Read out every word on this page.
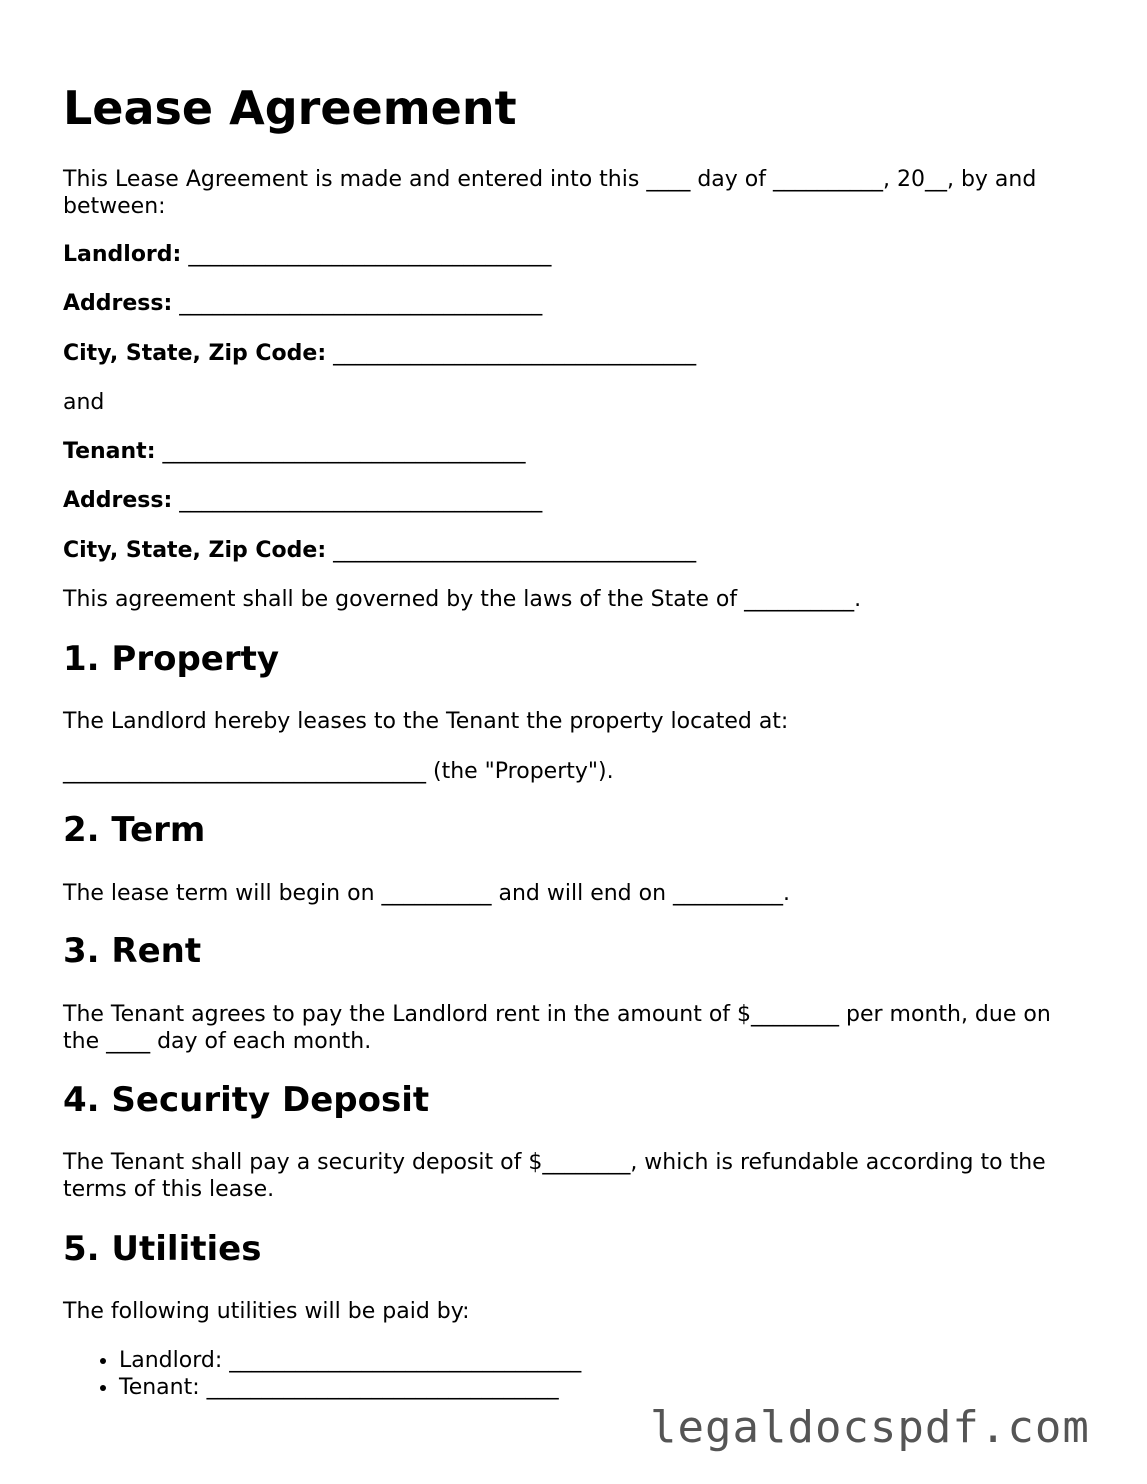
Lease Agreement

This Lease Agreement is made and entered into this ____ day of __________, 20__, by and between:

Landlord: _________________________________

Address: _________________________________

City, State, Zip Code: _________________________________

and

Tenant: _________________________________

Address: _________________________________

City, State, Zip Code: _________________________________

This agreement shall be governed by the laws of the State of __________.

1. Property

The Landlord hereby leases to the Tenant the property located at:

_________________________________ (the "Property").

2. Term

The lease term will begin on __________ and will end on __________.

3. Rent

The Tenant agrees to pay the Landlord rent in the amount of $________ per month, due on the ____ day of each month.

4. Security Deposit

The Tenant shall pay a security deposit of $________, which is refundable according to the terms of this lease.

5. Utilities

The following utilities will be paid by:

• Landlord: ________________________________
• Tenant: ________________________________
legaldocspdf.com
